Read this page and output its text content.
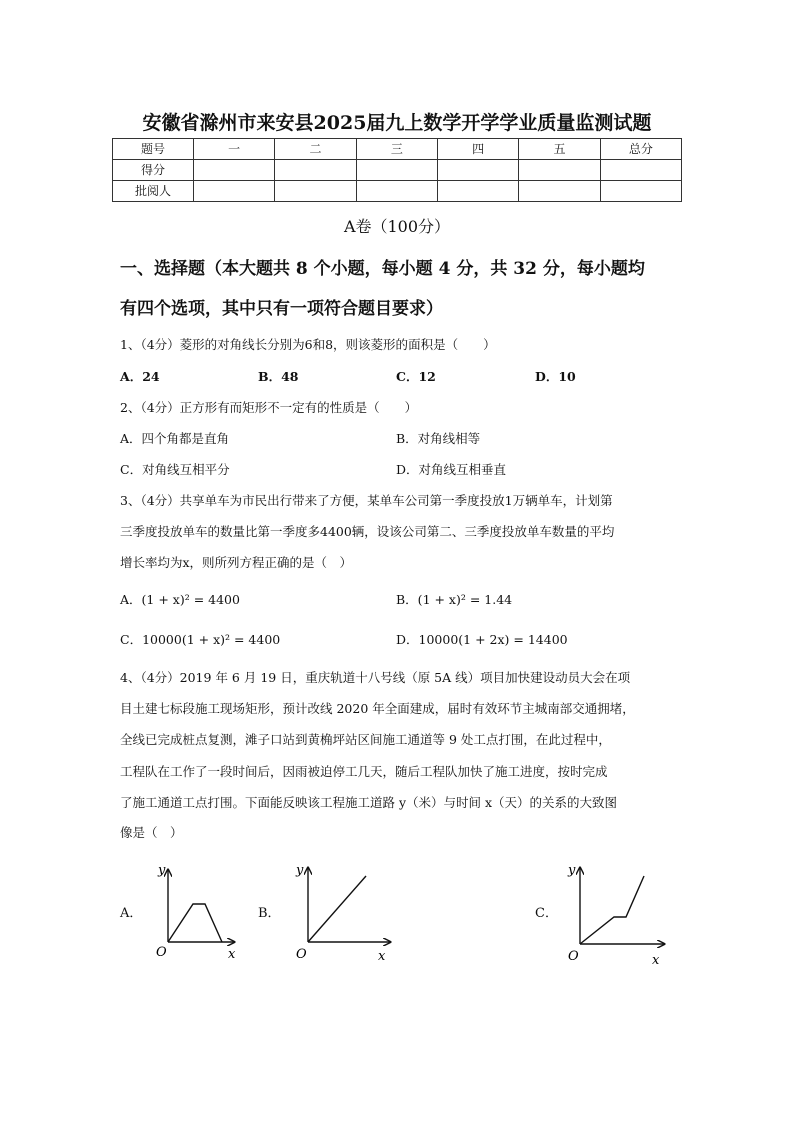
安徽省滁州市来安县2025届九上数学开学学业质量监测试题
题号	一	二	三	四	五	总分
得分						
批阅人						
A卷（100分）
一、选择题（本大题共 8 个小题，每小题 4 分，共 32 分，每小题均
有四个选项，其中只有一项符合题目要求）
1、（4分）菱形的对角线长分别为6和8，则该菱形的面积是（　　）
A．24	B．48	C．12	D．10
2、（4分）正方形有而矩形不一定有的性质是（　　）
A．四个角都是直角	B．对角线相等
C．对角线互相平分	D．对角线互相垂直
3、（4分）共享单车为市民出行带来了方便，某单车公司第一季度投放1万辆单车，计划第
三季度投放单车的数量比第一季度多4400辆，设该公司第二、三季度投放单车数量的平均
增长率均为x，则所列方程正确的是（　）
A．(1 + x)² = 4400	B．(1 + x)² = 1.44
C．10000(1 + x)² = 4400	D．10000(1 + 2x) = 14400
4、（4分）2019 年 6 月 19 日，重庆轨道十八号线（原 5A 线）项目加快建设动员大会在项
目土建七标段施工现场矩形，预计改线 2020 年全面建成，届时有效环节主城南部交通拥堵，
全线已完成桩点复测，滩子口站到黄桷坪站区间施工通道等 9 处工点打围，在此过程中，
工程队在工作了一段时间后，因雨被迫停工几天，随后工程队加快了施工进度，按时完成
了施工通道工点打围。下面能反映该工程施工道路 y（米）与时间 x（天）的关系的大致图
像是（　）
A．
O	x
y
B．
O	x
y
C．
O	x
y
